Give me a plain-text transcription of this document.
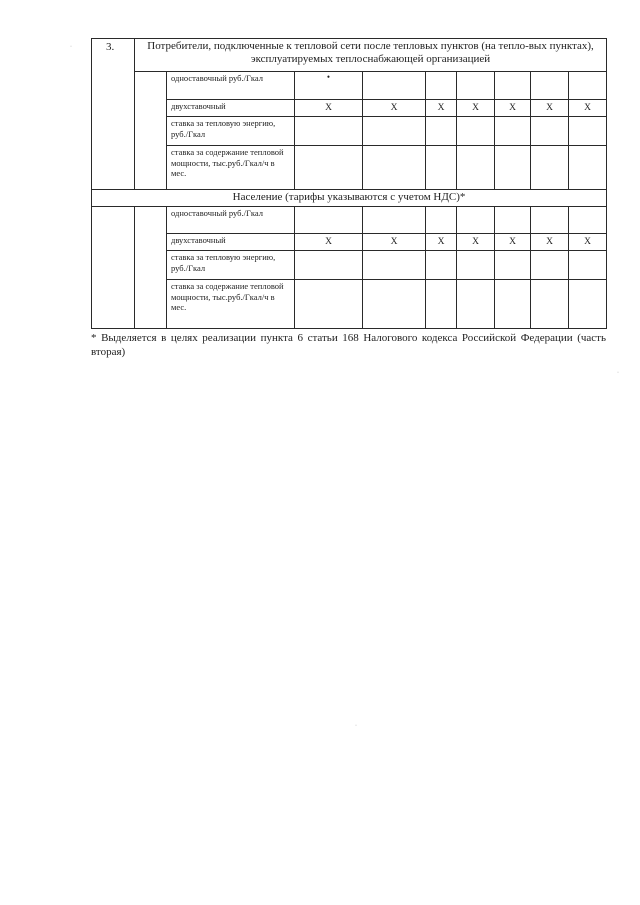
3.	Потребители, подключенные к тепловой сети после тепловых пунктов (на тепло-вых пунктах), эксплуатируемых теплоснабжающей организацией								
		одноставочный руб./Гкал	•						
		двухставочный	X	X	X	X	X	X	X
		ставка за тепловую энергию, руб./Гкал							
		ставка за содержание тепловой мощности, тыс.руб./Гкал/ч в мес.							
Население (тарифы указываются с учетом НДС)*									
		одноставочный руб./Гкал							
		двухставочный	X	X	X	X	X	X	X
		ставка за тепловую энергию, руб./Гкал							
		ставка за содержание тепловой мощности, тыс.руб./Гкал/ч в мес.							
* Выделяется в целях реализации пункта 6 статьи 168 Налогового кодекса Российской Федерации (часть вторая)
·
·
·
